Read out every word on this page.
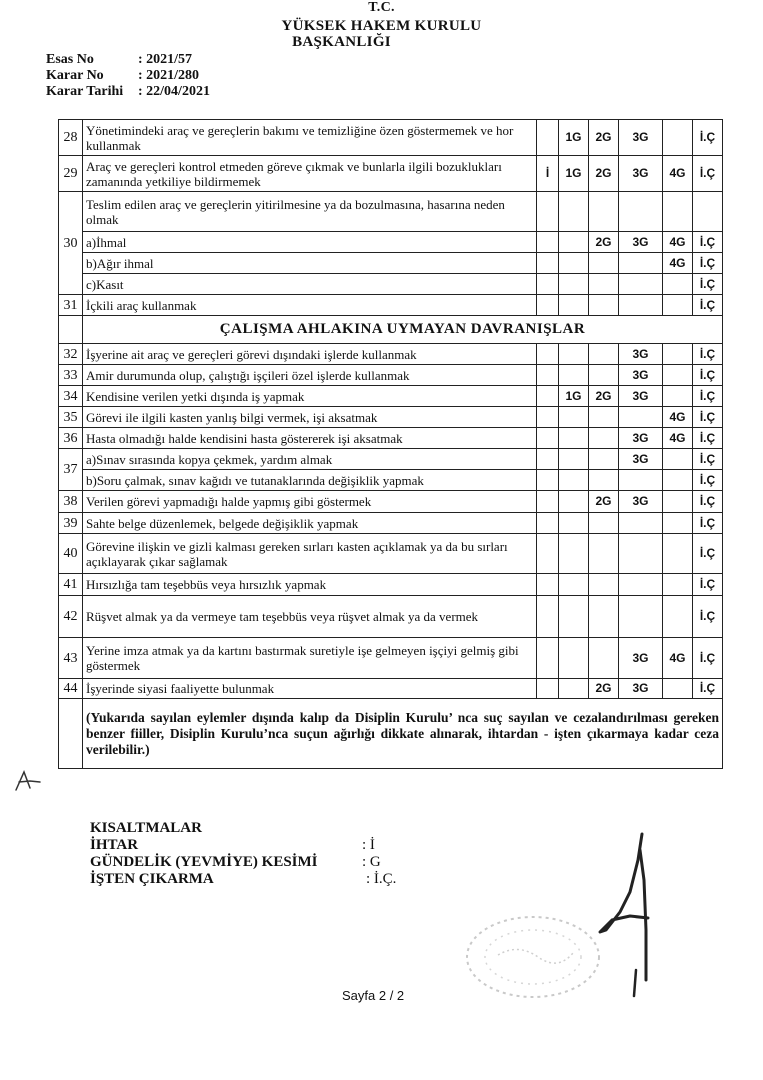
T.C.
YÜKSEK HAKEM KURULU
BAŞKANLIĞI
Esas No	: 2021/57
Karar No : 2021/280
Karar Tarihi : 22/04/2021
28	Yönetimindeki araç ve gereçlerin bakımı ve temizliğine özen göstermemek ve hor kullanmak		1G	2G	3G		İ.Ç
29	Araç ve gereçleri kontrol etmeden göreve çıkmak ve bunlarla ilgili bozuklukları zamanında yetkiliye bildirmemek	İ	1G	2G	3G	4G	İ.Ç
30	Teslim edilen araç ve gereçlerin yitirilmesine ya da bozulmasına, hasarına neden olmak						
	a)İhmal			2G	3G	4G	İ.Ç
	b)Ağır ihmal					4G	İ.Ç
	c)Kasıt						İ.Ç
31	İçkili araç kullanmak						İ.Ç
	ÇALIŞMA AHLAKINA UYMAYAN DAVRANIŞLAR						
32	İşyerine ait araç ve gereçleri görevi dışındaki işlerde kullanmak				3G		İ.Ç
33	Amir durumunda olup, çalıştığı işçileri özel işlerde kullanmak				3G		İ.Ç
34	Kendisine verilen yetki dışında iş yapmak		1G	2G	3G		İ.Ç
35	Görevi ile ilgili kasten yanlış bilgi vermek, işi aksatmak					4G	İ.Ç
36	Hasta olmadığı halde kendisini hasta göstererek işi aksatmak				3G	4G	İ.Ç
37	a)Sınav sırasında kopya çekmek, yardım almak				3G		İ.Ç
	b)Soru çalmak, sınav kağıdı ve tutanaklarında değişiklik yapmak						İ.Ç
38	Verilen görevi yapmadığı halde yapmış gibi göstermek			2G	3G		İ.Ç
39	Sahte belge düzenlemek, belgede değişiklik yapmak						İ.Ç
40	Görevine ilişkin ve gizli kalması gereken sırları kasten açıklamak ya da bu sırları açıklayarak çıkar sağlamak						İ.Ç
41	Hırsızlığa tam teşebbüs veya hırsızlık yapmak						İ.Ç
42	Rüşvet almak ya da vermeye tam teşebbüs veya rüşvet almak ya da vermek						İ.Ç
43	Yerine imza atmak ya da kartını bastırmak suretiyle işe gelmeyen işçiyi gelmiş gibi göstermek				3G	4G	İ.Ç
44	İşyerinde siyasi faaliyette bulunmak			2G	3G		İ.Ç
	(Yukarıda sayılan eylemler dışında kalıp da Disiplin Kurulu’ nca suç sayılan ve cezalandırılması gereken benzer fiiller, Disiplin Kurulu’nca suçun ağırlığı dikkate alınarak, ihtardan - işten çıkarmaya kadar ceza verilebilir.)						
KISALTMALAR
İHTAR	: İ
GÜNDELİK (YEVMİYE) KESİMİ	: G
İŞTEN ÇIKARMA	: İ.Ç.
Sayfa 2 / 2
